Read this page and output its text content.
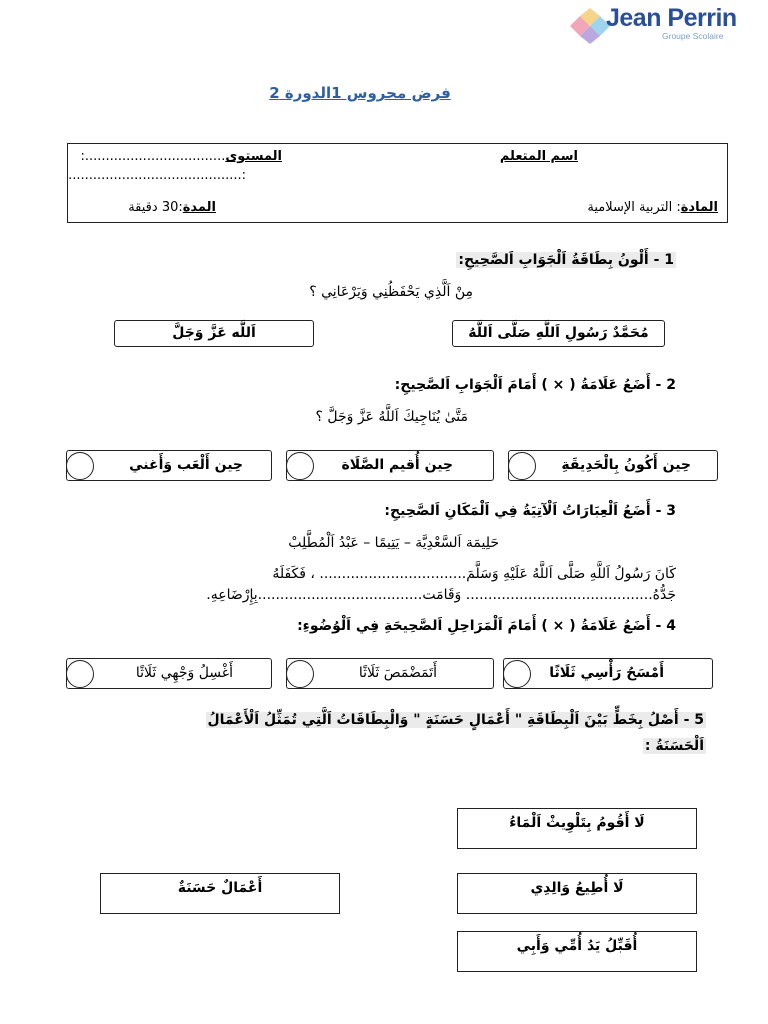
Jean Perrin
Groupe Scolaire
فرض محروس 1الدورة 2
اسم المتعلم
المستوى..................................:
:..........................................
المادة: التربية الإسلامية
المدة:30 دقيقة
1 - أَلْونُ بِطَاقَةُ اَلْجَوَابِ اَلصَّحِيحِ:
مِنْ اَلَّذِي يَحْفَظُنِي وَيَرْعَانِي ؟
مُحَمَّدٌ رَسُولِ اَللَّهِ صَلَّى اَللَّهُ
اَللَّه عَزَّ وَجَلَّ
2 - أَضَعُ عَلَامَةُ ( × ) أَمَامَ اَلْجَوَابِ اَلصَّحِيحِ:
مَتَّىٰ يُنَاجِيكَ اَللَّهُ عَزَّ وَجَلَّ ؟
حِين أَكُونُ بِالْحَدِيقَةِ
حِين أُقيم الصَّلَاة
حِين أَلْعَب وَأَغني
3 - أَضَعُ اَلْعِبَارَاتُ اَلْآتِيَةُ فِي اَلْمَكَانِ اَلصَّحِيحِ:
حَلِيمَة اَلسَّعْدِيَّة – يَتِيمًا – عَبْدُ اَلْمُطَّلِبْ
كَانَ رَسُولُ اَللَّهِ صَلَّى اَللَّهُ عَلَيْهِ وَسَلَّمَ................................. ، فَكَفَلَهُ
جَدُّهُ.......................................... وَقَامَت.....................................بِإِرْضَاعِهِ.
4 - أَضَعُ عَلَامَةُ ( × ) أَمَامَ اَلْمَرَاحِلِ اَلصَّحِيحَةِ فِي اَلْوُضُوءِ:
أَمْسَحُ رَأْسِي ثَلَاثًا
أَتَمَضْمَصَ ثَلَاثًا
أَغْسِلُ وَجْهِي ثَلَاثًا
5 - أَصْلُ بِخَطٍّ بَيْنَ اَلْبِطَاقَةِ " أَعْمَالٍ حَسَنَةٍ " وَالْبِطَاقَاتُ اَلَّتِي تُمَثِّلُ اَلْأَعْمَالُ
اَلْحَسَنَةُ :
لَا أَقُومُ بِتَلْوِيثْ اَلْمَاءُ
لَا أُطِيعُ وَالِدِي
أُقَبِّلُ يَدُ أُمِّي وَأَبِي
أَعْمَالٌ حَسَنَةٌ
